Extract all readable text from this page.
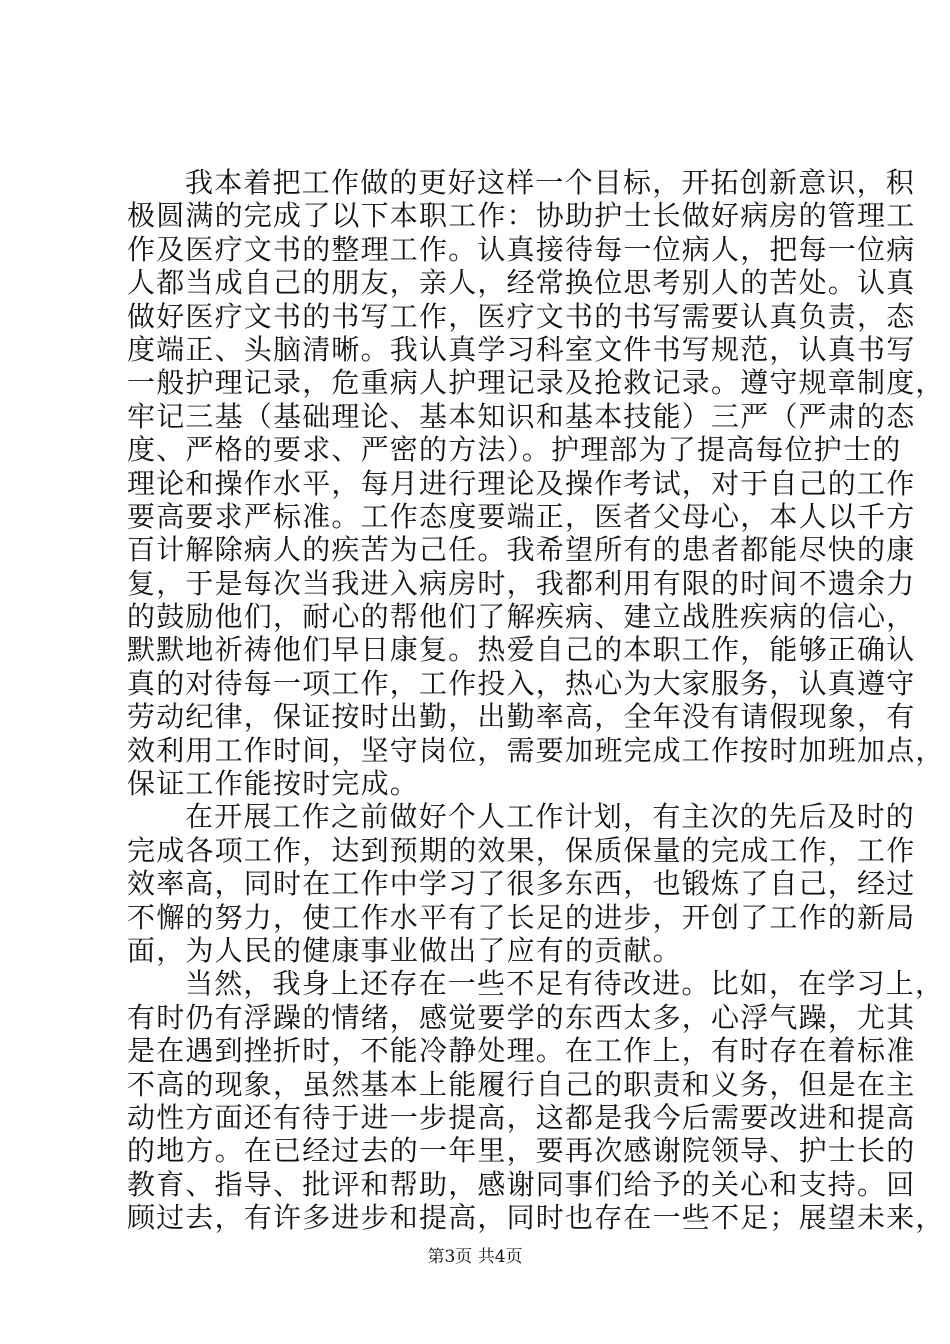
我本着把工作做的更好这样一个目标，开拓创新意识，积
极圆满的完成了以下本职工作：协助护士长做好病房的管理工
作及医疗文书的整理工作。认真接待每一位病人，把每一位病
人都当成自己的朋友，亲人，经常换位思考别人的苦处。认真
做好医疗文书的书写工作，医疗文书的书写需要认真负责，态
度端正、头脑清晰。我认真学习科室文件书写规范，认真书写
一般护理记录，危重病人护理记录及抢救记录。遵守规章制度，
牢记三基（基础理论、基本知识和基本技能）三严（严肃的态
度、严格的要求、严密的方法）。护理部为了提高每位护士的
理论和操作水平，每月进行理论及操作考试，对于自己的工作
要高要求严标准。工作态度要端正，医者父母心，本人以千方
百计解除病人的疾苦为己任。我希望所有的患者都能尽快的康
复，于是每次当我进入病房时，我都利用有限的时间不遗余力
的鼓励他们，耐心的帮他们了解疾病、建立战胜疾病的信心，
默默地祈祷他们早日康复。热爱自己的本职工作，能够正确认
真的对待每一项工作，工作投入，热心为大家服务，认真遵守
劳动纪律，保证按时出勤，出勤率高，全年没有请假现象，有
效利用工作时间，坚守岗位，需要加班完成工作按时加班加点，
保证工作能按时完成。
在开展工作之前做好个人工作计划，有主次的先后及时的
完成各项工作，达到预期的效果，保质保量的完成工作，工作
效率高，同时在工作中学习了很多东西，也锻炼了自己，经过
不懈的努力，使工作水平有了长足的进步，开创了工作的新局
面，为人民的健康事业做出了应有的贡献。
当然，我身上还存在一些不足有待改进。比如，在学习上，
有时仍有浮躁的情绪，感觉要学的东西太多，心浮气躁，尤其
是在遇到挫折时，不能冷静处理。在工作上，有时存在着标准
不高的现象，虽然基本上能履行自己的职责和义务，但是在主
动性方面还有待于进一步提高，这都是我今后需要改进和提高
的地方。在已经过去的一年里，要再次感谢院领导、护士长的
教育、指导、批评和帮助，感谢同事们给予的关心和支持。回
顾过去，有许多进步和提高，同时也存在一些不足；展望未来，
第3页 共4页
